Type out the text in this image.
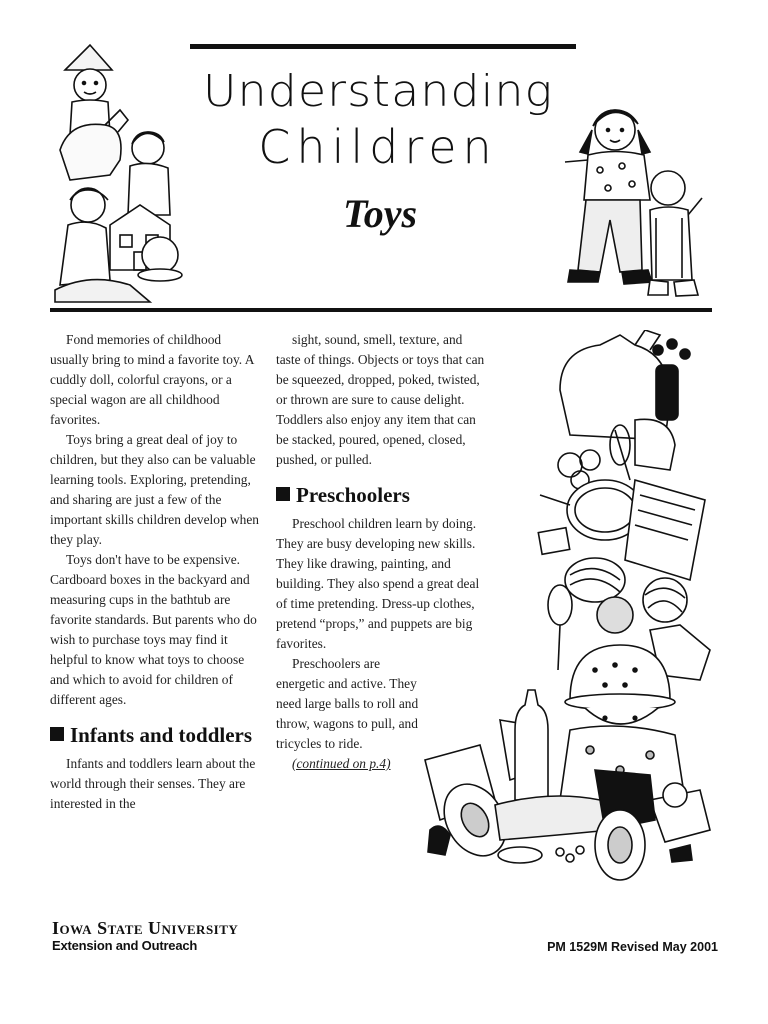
Understanding
Children
Toys

Fond memories of childhood usually bring to mind a favorite toy. A cuddly doll, colorful crayons, or a special wagon are all childhood favorites.

Toys bring a great deal of joy to children, but they also can be valuable learning tools. Exploring, pretending, and sharing are just a few of the important skills children develop when they play.

Toys don't have to be expensive. Cardboard boxes in the backyard and measuring cups in the bathtub are favorite standards. But parents who do wish to purchase toys may find it helpful to know what toys to choose and which to avoid for children of different ages.

Infants and toddlers

Infants and toddlers learn about the world through their senses. They are interested in the

sight, sound, smell, texture, and taste of things. Objects or toys that can be squeezed, dropped, poked, twisted, or thrown are sure to cause delight. Toddlers also enjoy any item that can be stacked, poured, opened, closed, pushed, or pulled.

Preschoolers

Preschool children learn by doing. They are busy developing new skills. They like drawing, painting, and building. They also spend a great deal of time pretending. Dress-up clothes, pretend “props,” and puppets are big favorites.

Preschoolers are energetic and active. They need large balls to roll and throw, wagons to pull, and tricycles to ride.

(continued on p.4)

Iowa State University
Extension and Outreach	PM 1529M Revised May 2001
